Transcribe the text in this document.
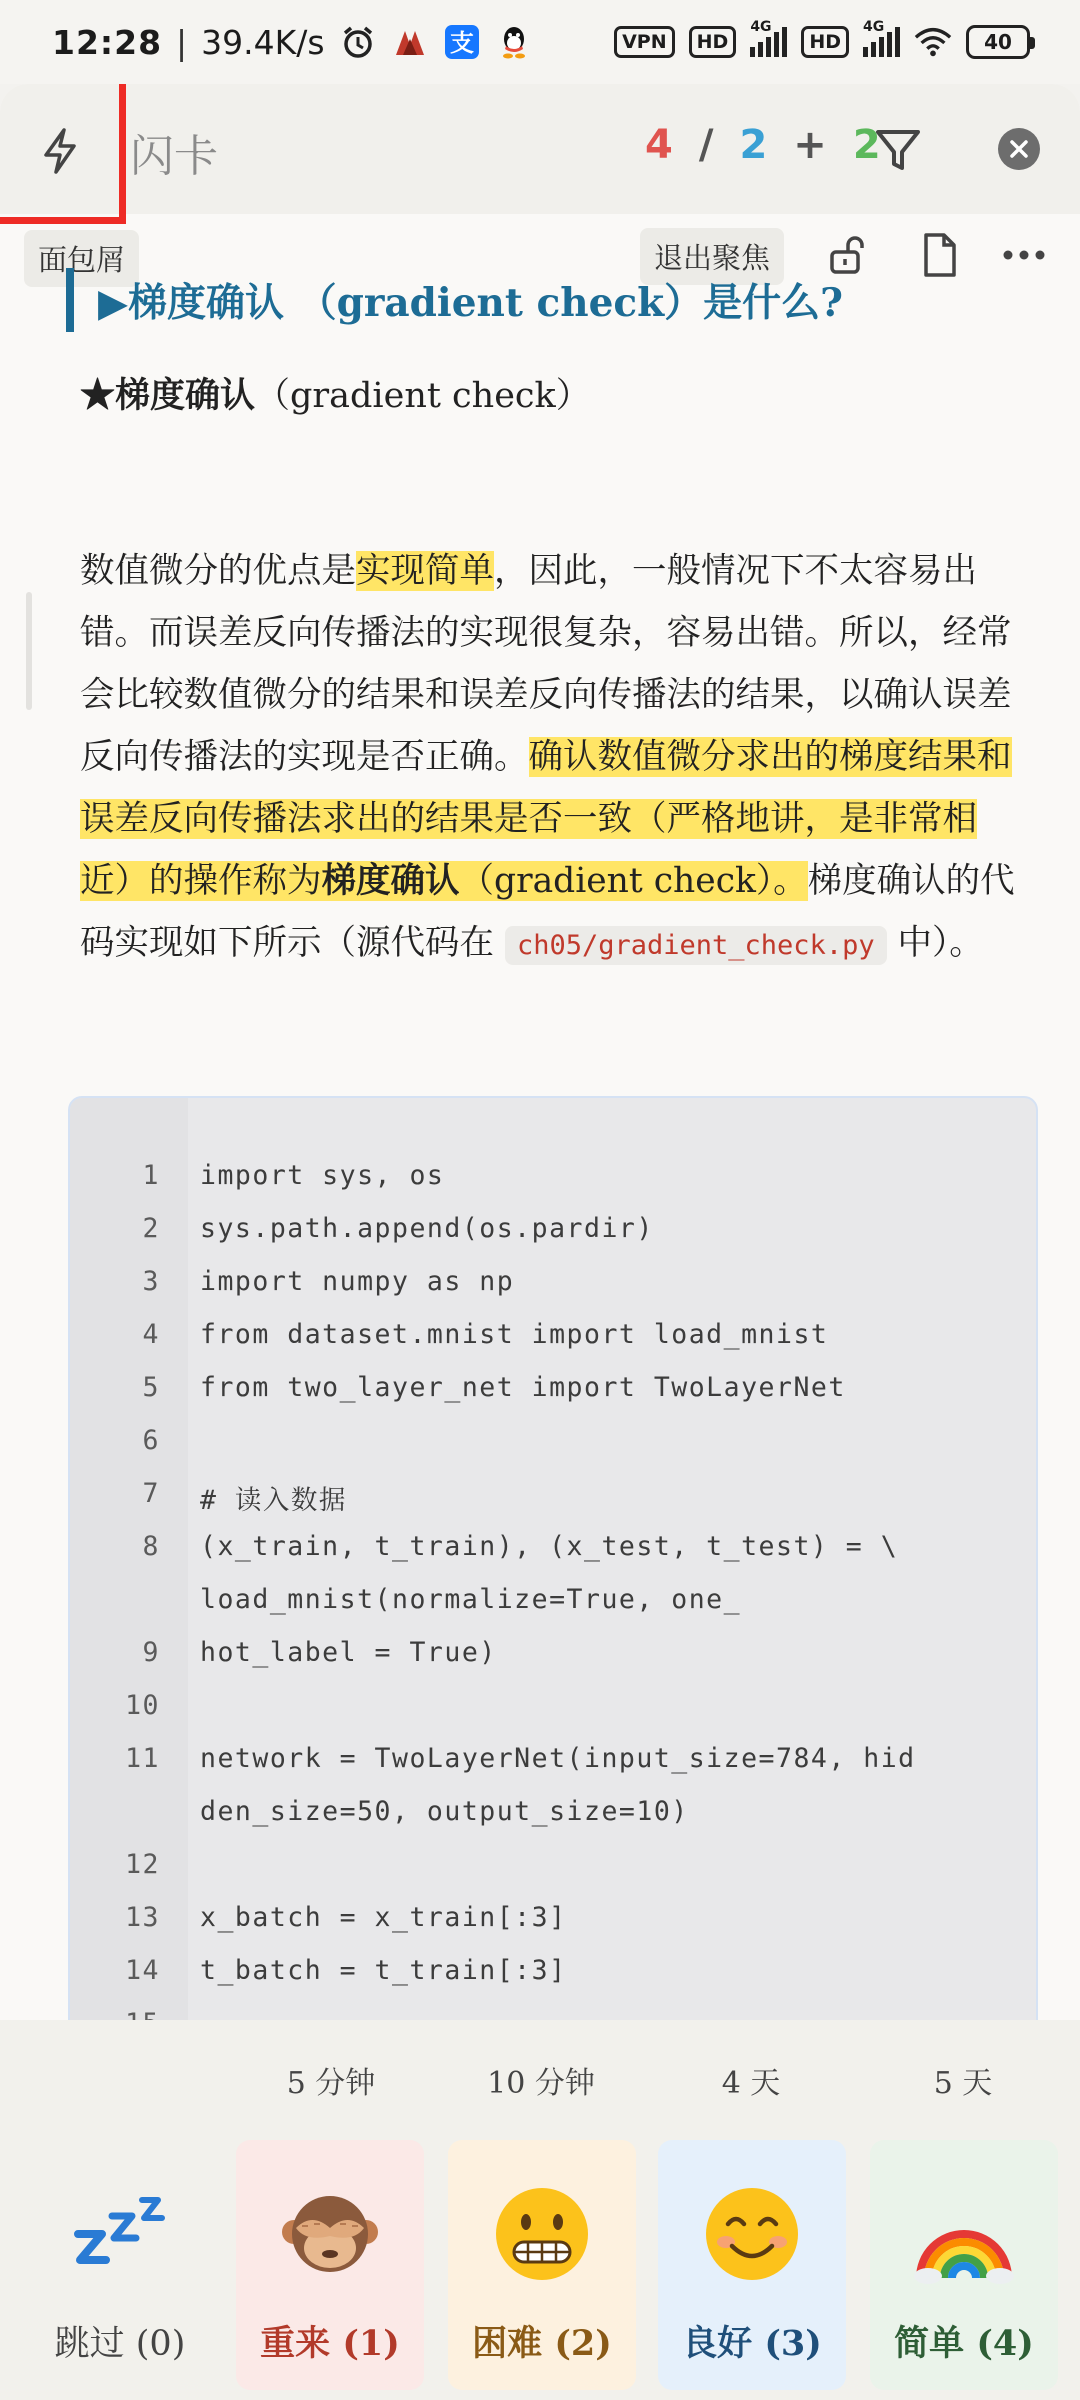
12:28 | 39.4K/s	支	VPN	HD
4G
HD
4G
40
闪卡	4 / 2 + 2
面包屑	退出聚焦
▶梯度确认 （gradient check）是什么?
★梯度确认（gradient check）
数值微分的优点是实现简单，因此，一般情况下不太容易出错。而误差反向传播法的实现很复杂，容易出错。所以，经常会比较数值微分的结果和误差反向传播法的结果，以确认误差反向传播法的实现是否正确。确认数值微分求出的梯度结果和误差反向传播法求出的结果是否一致（严格地讲，是非常相近）的操作称为梯度确认（gradient check）。梯度确认的代码实现如下所示（源代码在 ch05/gradient_check.py 中）。
1 import sys, os
2 sys.path.append(os.pardir)
3 import numpy as np
4 from dataset.mnist import load_mnist
5 from two_layer_net import TwoLayerNet
6
7 # 读入数据
8 (x_train, t_train), (x_test, t_test) = \
load_mnist(normalize=True, one_
9 hot_label = True)
10
11 network = TwoLayerNet(input_size=784, hid
den_size=50, output_size=10)
12
13 x_batch = x_train[:3]
14 t_batch = t_train[:3]
5 分钟	10 分钟	4 天	5 天
跳过 (0)	重来 (1)	困难 (2)	良好 (3)	简单 (4)
